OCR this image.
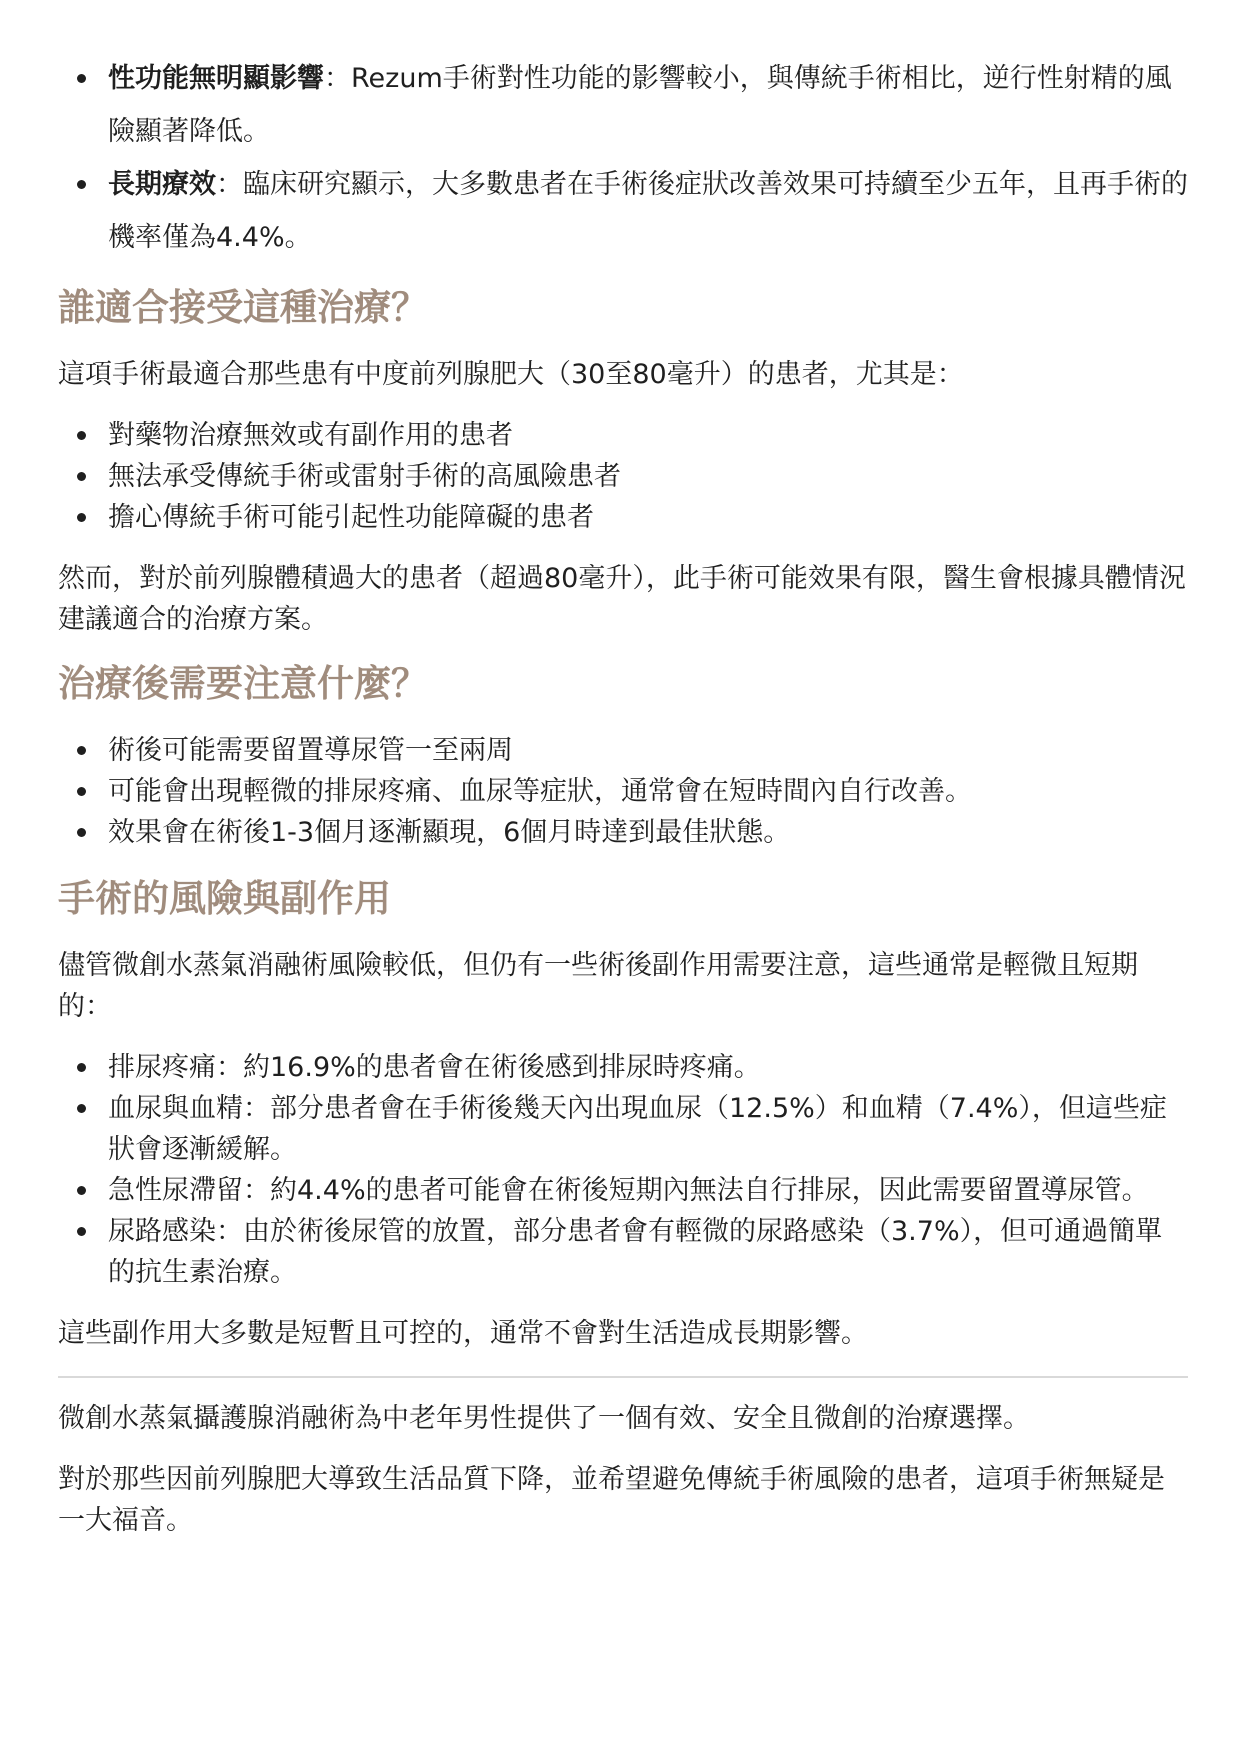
性功能無明顯影響：Rezum手術對性功能的影響較小，與傳統手術相比，逆行性射精的風險顯著降低。
長期療效：臨床研究顯示，大多數患者在手術後症狀改善效果可持續至少五年，且再手術的機率僅為4.4%。
誰適合接受這種治療？

這項手術最適合那些患有中度前列腺肥大（30至80毫升）的患者，尤其是：

對藥物治療無效或有副作用的患者
無法承受傳統手術或雷射手術的高風險患者
擔心傳統手術可能引起性功能障礙的患者

然而，對於前列腺體積過大的患者（超過80毫升），此手術可能效果有限，醫生會根據具體情況建議適合的治療方案。

治療後需要注意什麼？
術後可能需要留置導尿管一至兩周
可能會出現輕微的排尿疼痛、血尿等症狀，通常會在短時間內自行改善。
效果會在術後1-3個月逐漸顯現，6個月時達到最佳狀態。
手術的風險與副作用

儘管微創水蒸氣消融術風險較低，但仍有一些術後副作用需要注意，這些通常是輕微且短期的：

排尿疼痛：約16.9%的患者會在術後感到排尿時疼痛。
血尿與血精：部分患者會在手術後幾天內出現血尿（12.5%）和血精（7.4%），但這些症狀會逐漸緩解。
急性尿滯留：約4.4%的患者可能會在術後短期內無法自行排尿，因此需要留置導尿管。
尿路感染：由於術後尿管的放置，部分患者會有輕微的尿路感染（3.7%），但可通過簡單的抗生素治療。

這些副作用大多數是短暫且可控的，通常不會對生活造成長期影響。

微創水蒸氣攝護腺消融術為中老年男性提供了一個有效、安全且微創的治療選擇。

對於那些因前列腺肥大導致生活品質下降，並希望避免傳統手術風險的患者，這項手術無疑是一大福音。
